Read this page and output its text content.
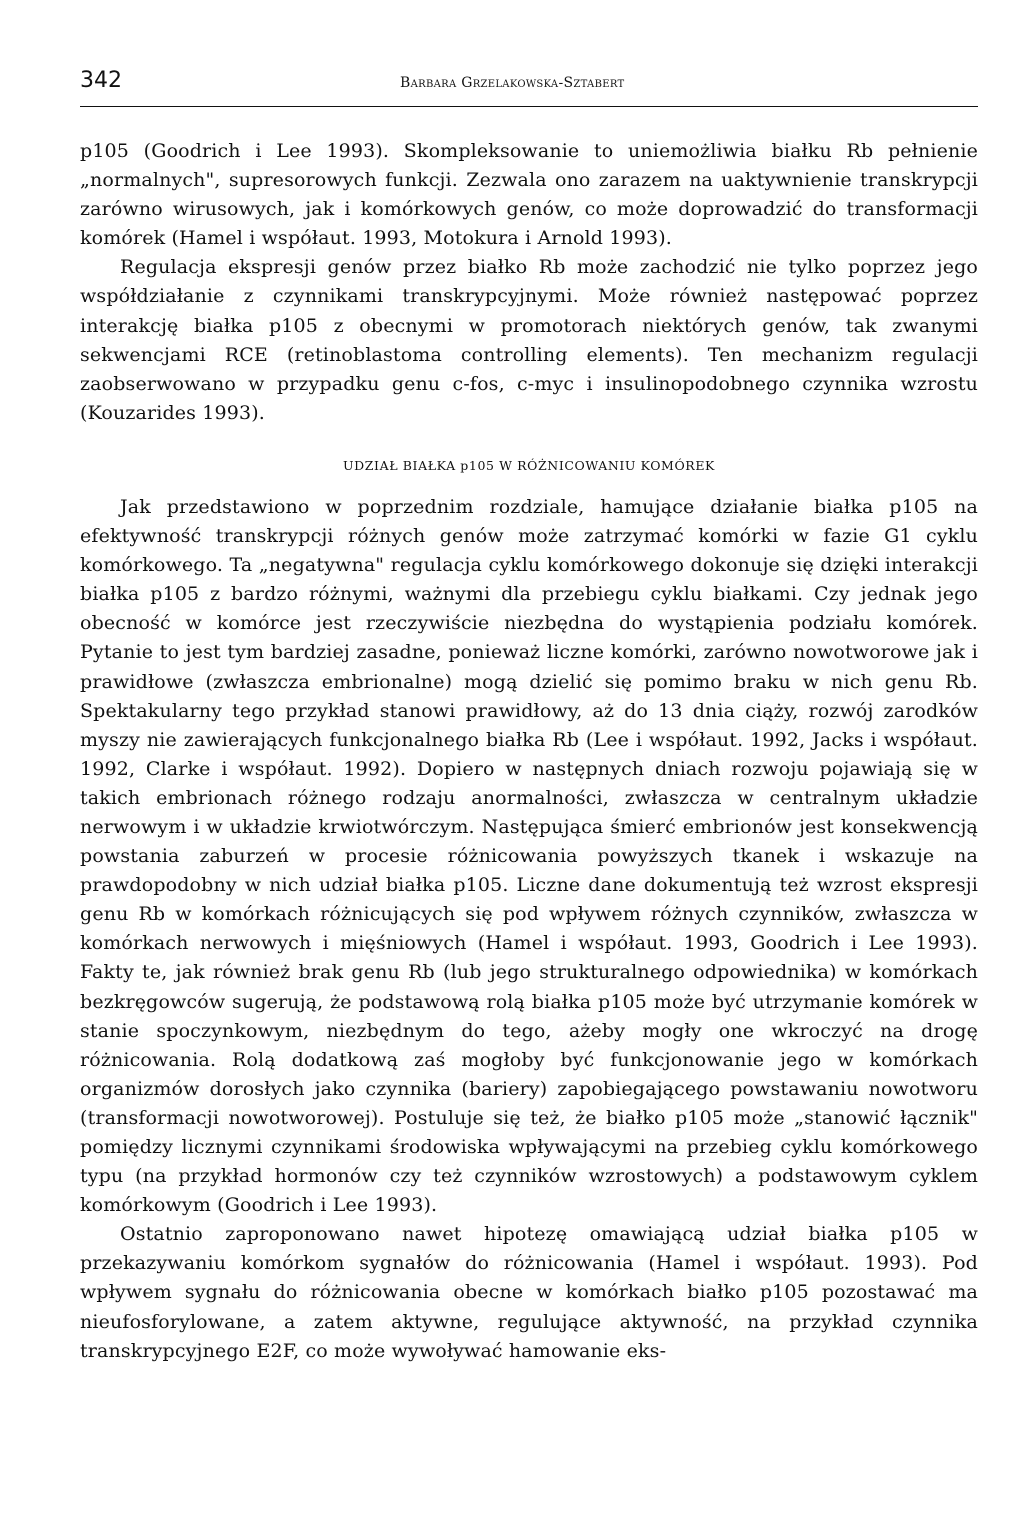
342	Barbara Grzelakowska-Sztabert

p105 (Goodrich i Lee 1993). Skompleksowanie to uniemożliwia białku Rb pełnienie „normalnych", supresorowych funkcji. Zezwala ono zarazem na uaktywnienie transkrypcji zarówno wirusowych, jak i komórkowych genów, co może doprowadzić do transformacji komórek (Hamel i współaut. 1993, Motokura i Arnold 1993).

Regulacja ekspresji genów przez białko Rb może zachodzić nie tylko poprzez jego współdziałanie z czynnikami transkrypcyjnymi. Może również następować poprzez interakcję białka p105 z obecnymi w promotorach niektórych genów, tak zwanymi sekwencjami RCE (retinoblastoma controlling elements). Ten mechanizm regulacji zaobserwowano w przypadku genu c-fos, c-myc i insulinopodobnego czynnika wzrostu (Kouzarides 1993).

UDZIAŁ BIAŁKA p105 W RÓŻNICOWANIU KOMÓREK

Jak przedstawiono w poprzednim rozdziale, hamujące działanie białka p105 na efektywność transkrypcji różnych genów może zatrzymać komórki w fazie G1 cyklu komórkowego. Ta „negatywna" regulacja cyklu komórkowego dokonuje się dzięki interakcji białka p105 z bardzo różnymi, ważnymi dla przebiegu cyklu białkami. Czy jednak jego obecność w komórce jest rzeczywiście niezbędna do wystąpienia podziału komórek. Pytanie to jest tym bardziej zasadne, ponieważ liczne komórki, zarówno nowotworowe jak i prawidłowe (zwłaszcza embrionalne) mogą dzielić się pomimo braku w nich genu Rb. Spektakularny tego przykład stanowi prawidłowy, aż do 13 dnia ciąży, rozwój zarodków myszy nie zawierających funkcjonalnego białka Rb (Lee i współaut. 1992, Jacks i współaut. 1992, Clarke i współaut. 1992). Dopiero w następnych dniach rozwoju pojawiają się w takich embrionach różnego rodzaju anormalności, zwłaszcza w centralnym układzie nerwowym i w układzie krwiotwórczym. Następująca śmierć embrionów jest konsekwencją powstania zaburzeń w procesie różnicowania powyższych tkanek i wskazuje na prawdopodobny w nich udział białka p105. Liczne dane dokumentują też wzrost ekspresji genu Rb w komórkach różnicujących się pod wpływem różnych czynników, zwłaszcza w komórkach nerwowych i mięśniowych (Hamel i współaut. 1993, Goodrich i Lee 1993). Fakty te, jak również brak genu Rb (lub jego strukturalnego odpowiednika) w komórkach bezkręgowców sugerują, że podstawową rolą białka p105 może być utrzymanie komórek w stanie spoczynkowym, niezbędnym do tego, ażeby mogły one wkroczyć na drogę różnicowania. Rolą dodatkową zaś mogłoby być funkcjonowanie jego w komórkach organizmów dorosłych jako czynnika (bariery) zapobiegającego powstawaniu nowotworu (transformacji nowotworowej). Postuluje się też, że białko p105 może „stanowić łącznik" pomiędzy licznymi czynnikami środowiska wpływającymi na przebieg cyklu komórkowego typu (na przykład hormonów czy też czynników wzrostowych) a podstawowym cyklem komórkowym (Goodrich i Lee 1993).

Ostatnio zaproponowano nawet hipotezę omawiającą udział białka p105 w przekazywaniu komórkom sygnałów do różnicowania (Hamel i współaut. 1993). Pod wpływem sygnału do różnicowania obecne w komórkach białko p105 pozostawać ma nieufosforylowane, a zatem aktywne, regulujące aktywność, na przykład czynnika transkrypcyjnego E2F, co może wywoływać hamowanie eks-
